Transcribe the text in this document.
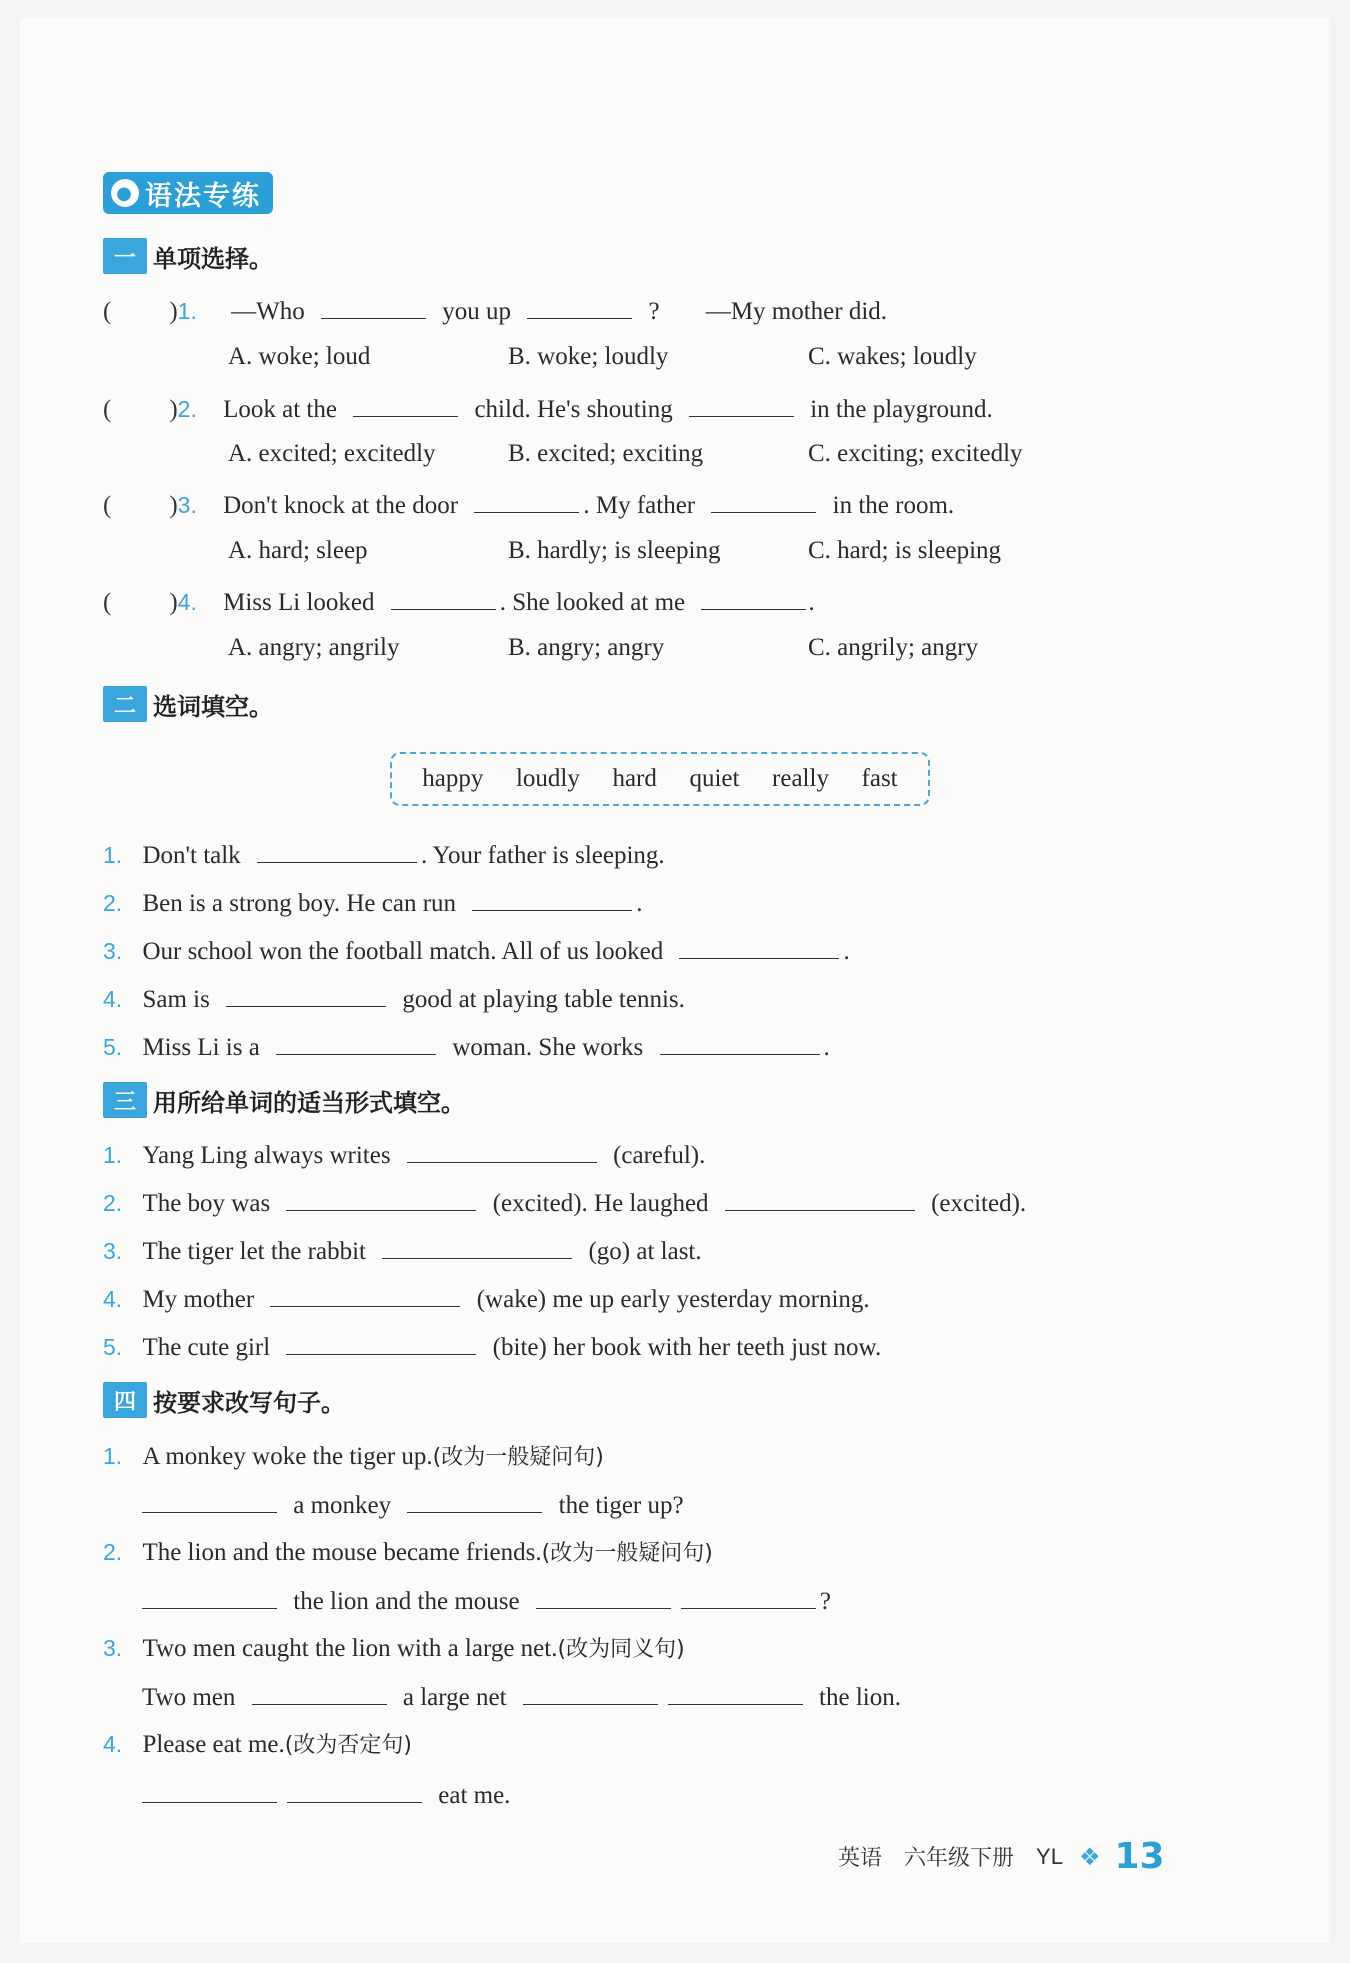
● 语法专练
一 单项选择。
( )1. —Who	you up	? —My mother did.
A. woke; loud	B. woke; loudly	C. wakes; loudly
( )2. Look at the	child. He's shouting	in the playground.
A. excited; excitedly	B. excited; exciting	C. exciting; excitedly
( )3. Don't knock at the door	. My father	in the room.
A. hard; sleep	B. hardly; is sleeping	C. hard; is sleeping
( )4. Miss Li looked	. She looked at me	.
A. angry; angrily	B. angry; angry	C. angrily; angry
二 选词填空。
happy loudly hard quiet really fast
1. Don't talk	. Your father is sleeping.
2. Ben is a strong boy. He can run	.
3. Our school won the football match. All of us looked	.
4. Sam is	good at playing table tennis.
5. Miss Li is a	woman. She works	.
三 用所给单词的适当形式填空。
1. Yang Ling always writes	(careful).
2. The boy was	(excited). He laughed	(excited).
3. The tiger let the rabbit	(go) at last.
4. My mother	(wake) me up early yesterday morning.
5. The cute girl	(bite) her book with her teeth just now.
四 按要求改写句子。
1. A monkey woke the tiger up.(改为一般疑问句)
a monkey	the tiger up?
2. The lion and the mouse became friends.(改为一般疑问句)
the lion and the mouse	?
3. Two men caught the lion with a large net.(改为同义句)
Two men	a large net	the lion.
4. Please eat me.(改为否定句)
eat me.
英语 六年级下册 YL ❖ 13
